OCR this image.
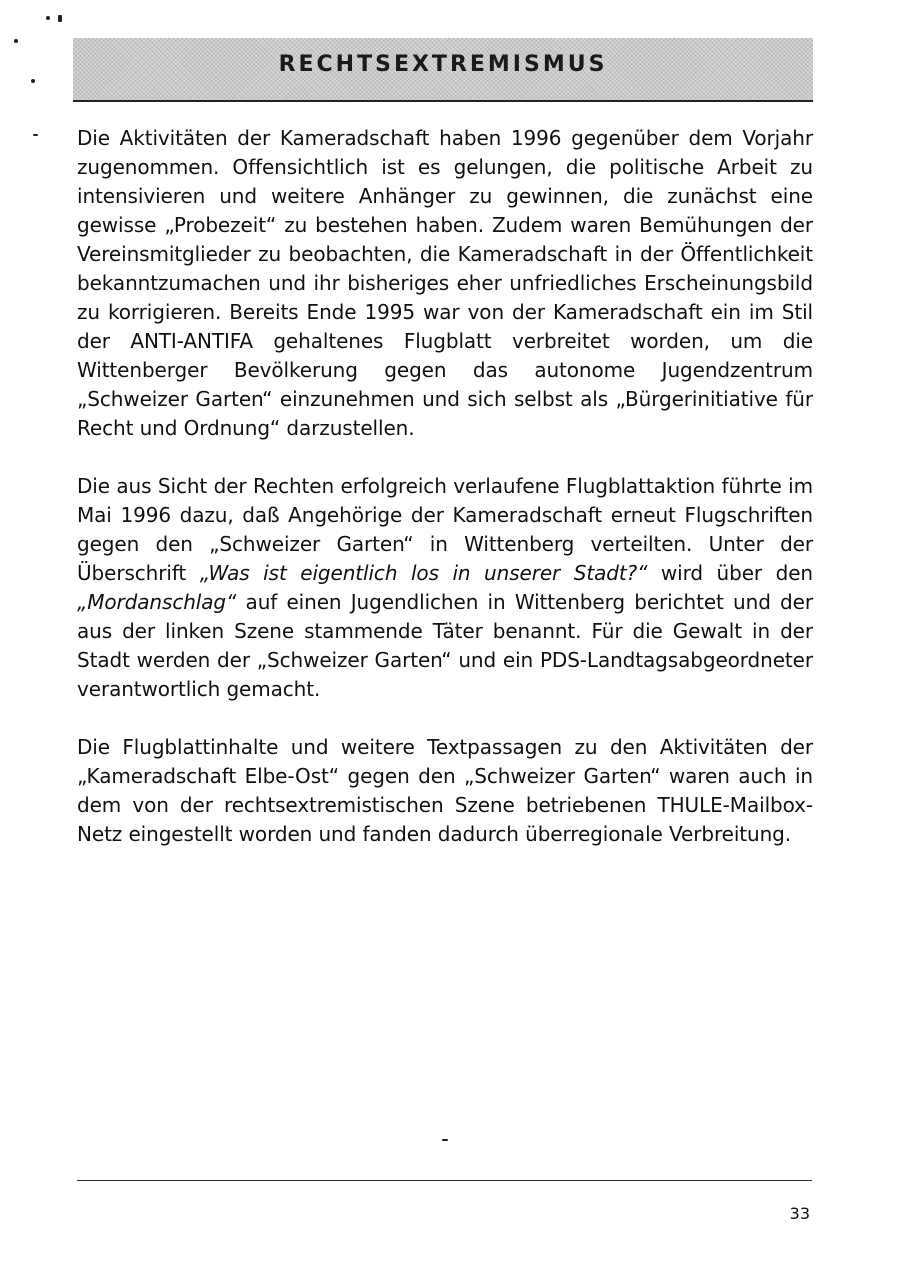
RECHTSEXTREMISMUS

Die Aktivitäten der Kameradschaft haben 1996 gegenüber dem Vorjahr zugenommen. Offensichtlich ist es gelungen, die politische Arbeit zu intensivieren und weitere Anhänger zu gewinnen, die zunächst eine gewisse „Probezeit“ zu bestehen haben. Zudem waren Bemühungen der Vereinsmitglieder zu beobachten, die Kameradschaft in der Öffentlichkeit bekanntzumachen und ihr bisheriges eher unfriedliches Erscheinungsbild zu korrigieren. Bereits Ende 1995 war von der Kameradschaft ein im Stil der ANTI-ANTIFA gehaltenes Flugblatt verbreitet worden, um die Wittenberger Bevölkerung gegen das autonome Jugendzentrum „Schweizer Garten“ einzunehmen und sich selbst als „Bürgerinitiative für Recht und Ordnung“ darzustellen.

Die aus Sicht der Rechten erfolgreich verlaufene Flugblattaktion führte im Mai 1996 dazu, daß Angehörige der Kameradschaft erneut Flugschriften gegen den „Schweizer Garten“ in Wittenberg verteilten. Unter der Überschrift „Was ist eigentlich los in unserer Stadt?“ wird über den „Mordanschlag“ auf einen Jugendlichen in Wittenberg berichtet und der aus der linken Szene stammende Täter benannt. Für die Gewalt in der Stadt werden der „Schweizer Garten“ und ein PDS-Landtagsabgeordneter verantwortlich gemacht.

Die Flugblattinhalte und weitere Textpassagen zu den Aktivitäten der „Kameradschaft Elbe-Ost“ gegen den „Schweizer Garten“ waren auch in dem von der rechtsextremistischen Szene betriebenen THULE-Mailbox-Netz eingestellt worden und fanden dadurch überregionale Verbreitung.

33
